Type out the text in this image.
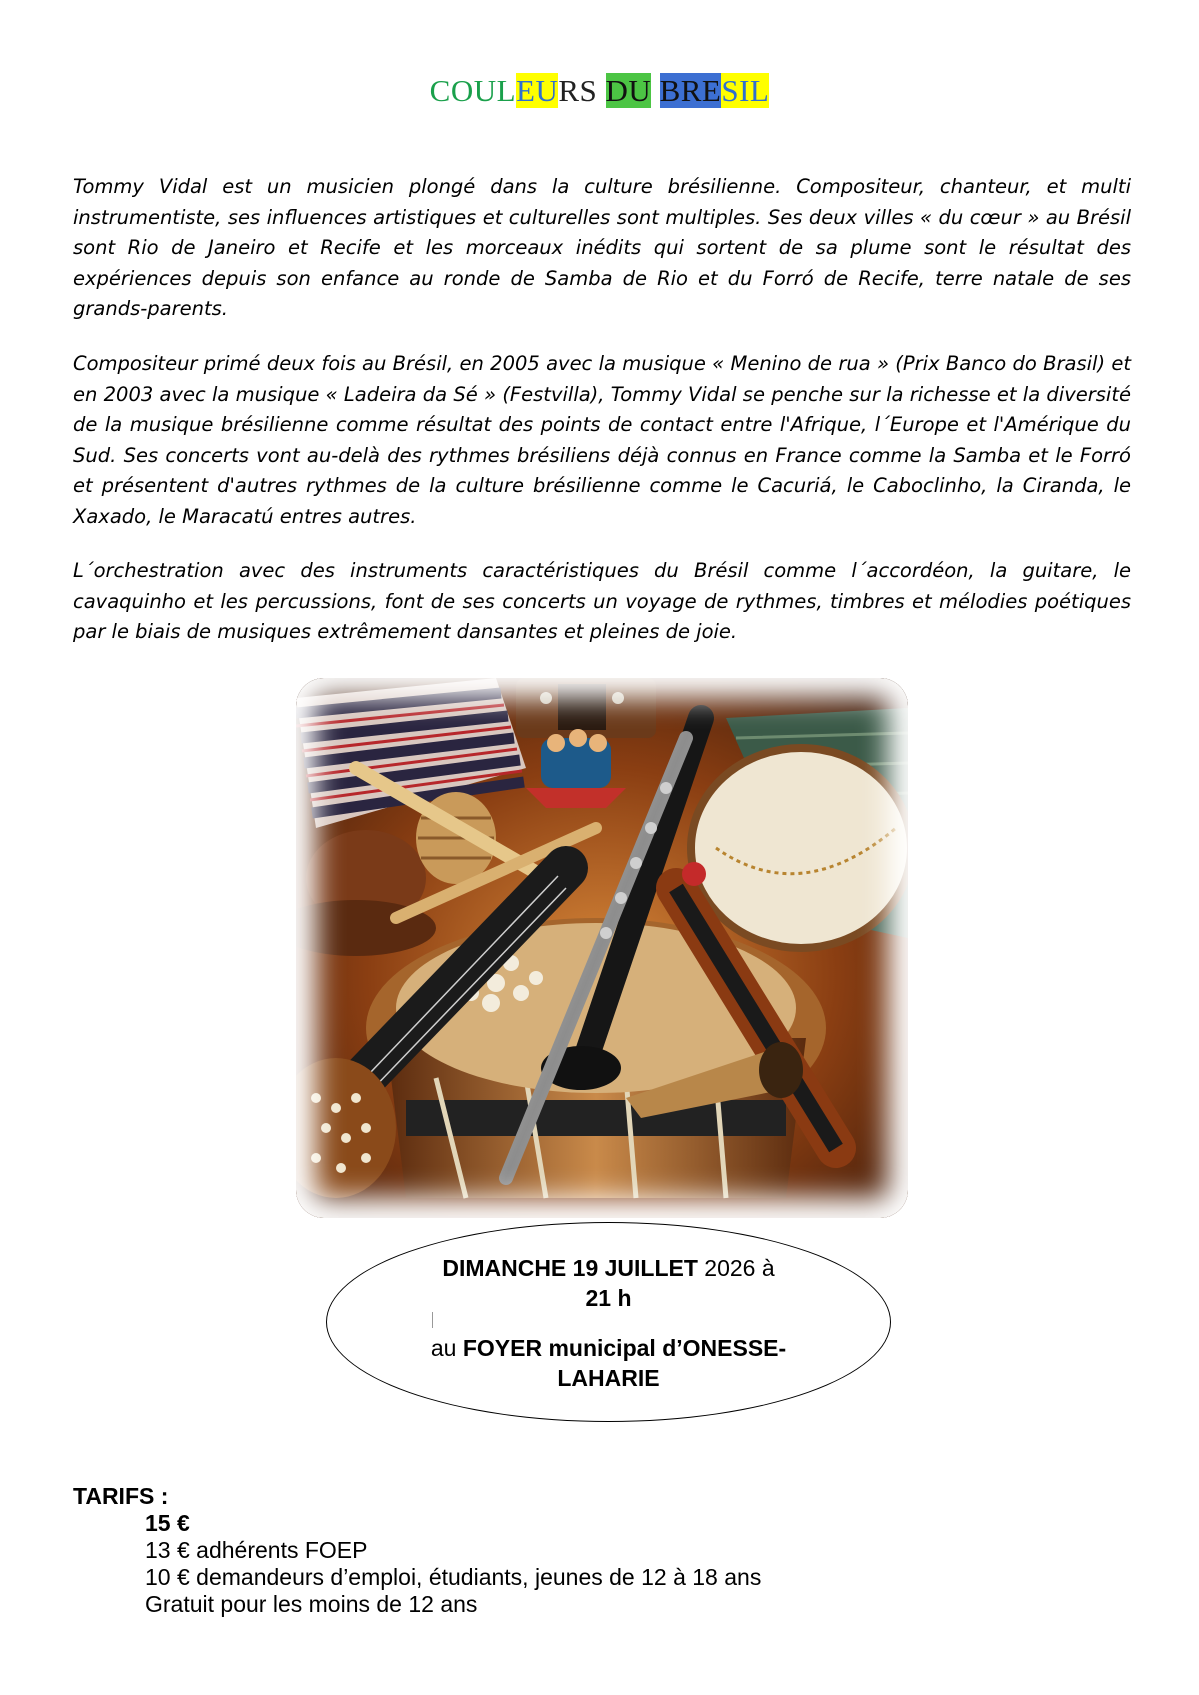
COULEURS DU BRESIL

Tommy Vidal est un musicien plongé dans la culture brésilienne. Compositeur, chanteur, et multi instrumentiste, ses influences artistiques et culturelles sont multiples. Ses deux villes « du cœur » au Brésil sont Rio de Janeiro et Recife et les morceaux inédits qui sortent de sa plume sont le résultat des expériences depuis son enfance au ronde de Samba de Rio et du Forró de Recife, terre natale de ses grands-parents.

Compositeur primé deux fois au Brésil, en 2005 avec la musique « Menino de rua » (Prix Banco do Brasil) et en 2003 avec la musique « Ladeira da Sé » (Festvilla), Tommy Vidal se penche sur la richesse et la diversité de la musique brésilienne comme résultat des points de contact entre l'Afrique, l´Europe et l'Amérique du Sud. Ses concerts vont au-delà des rythmes brésiliens déjà connus en France comme la Samba et le Forró et présentent d'autres rythmes de la culture brésilienne comme le Cacuriá, le Caboclinho, la Ciranda, le Xaxado, le Maracatú entres autres.

L´orchestration avec des instruments caractéristiques du Brésil comme l´accordéon, la guitare, le cavaquinho et les percussions, font de ses concerts un voyage de rythmes, timbres et mélodies poétiques par le biais de musiques extrêmement dansantes et pleines de joie.

DIMANCHE 19 JUILLET 2026 à
21 h
au FOYER municipal d’ONESSE-
LAHARIE
TARIFS :
15 €
13 € adhérents FOEP
10 € demandeurs d’emploi, étudiants, jeunes de 12 à 18 ans
Gratuit pour les moins de 12 ans
